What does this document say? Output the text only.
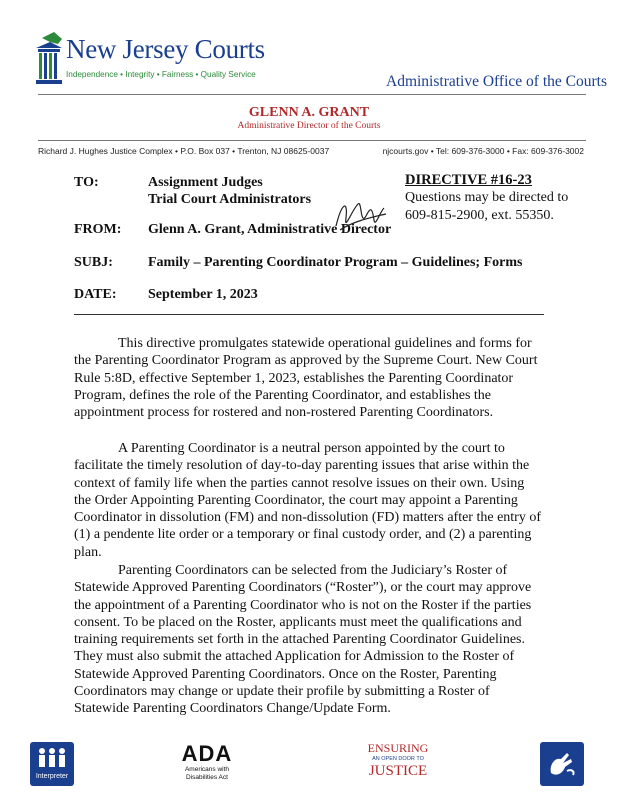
New Jersey Courts
Independence • Integrity • Fairness • Quality Service	Administrative Office of the Courts
GLENN A. GRANT
Administrative Director of the Courts
Richard J. Hughes Justice Complex • P.O. Box 037 • Trenton, NJ 08625-0037	njcourts.gov • Tel: 609-376-3000 • Fax: 609-376-3002
TO:	Assignment Judges
Trial Court Administrators
DIRECTIVE #16-23
Questions may be directed to 609-815-2900, ext. 55350.
FROM: Glenn A. Grant, Administrative Director
SUBJ:	Family – Parenting Coordinator Program – Guidelines; Forms
DATE: September 1, 2023

This directive promulgates statewide operational guidelines and forms for the Parenting Coordinator Program as approved by the Supreme Court. New Court Rule 5:8D, effective September 1, 2023, establishes the Parenting Coordinator Program, defines the role of the Parenting Coordinator, and establishes the appointment process for rostered and non-rostered Parenting Coordinators.

A Parenting Coordinator is a neutral person appointed by the court to facilitate the timely resolution of day-to-day parenting issues that arise within the context of family life when the parties cannot resolve issues on their own. Using the Order Appointing Parenting Coordinator, the court may appoint a Parenting Coordinator in dissolution (FM) and non-dissolution (FD) matters after the entry of (1) a pendente lite order or a temporary or final custody order, and (2) a parenting plan.

Parenting Coordinators can be selected from the Judiciary’s Roster of Statewide Approved Parenting Coordinators (“Roster”), or the court may approve the appointment of a Parenting Coordinator who is not on the Roster if the parties consent. To be placed on the Roster, applicants must meet the qualifications and training requirements set forth in the attached Parenting Coordinator Guidelines. They must also submit the attached Application for Admission to the Roster of Statewide Approved Parenting Coordinators. Once on the Roster, Parenting Coordinators may change or update their profile by submitting a Roster of Statewide Parenting Coordinators Change/Update Form.

Interpreter
ADA
Americans with
Disabilities Act
ENSURING
AN OPEN DOOR TO
JUSTICE
